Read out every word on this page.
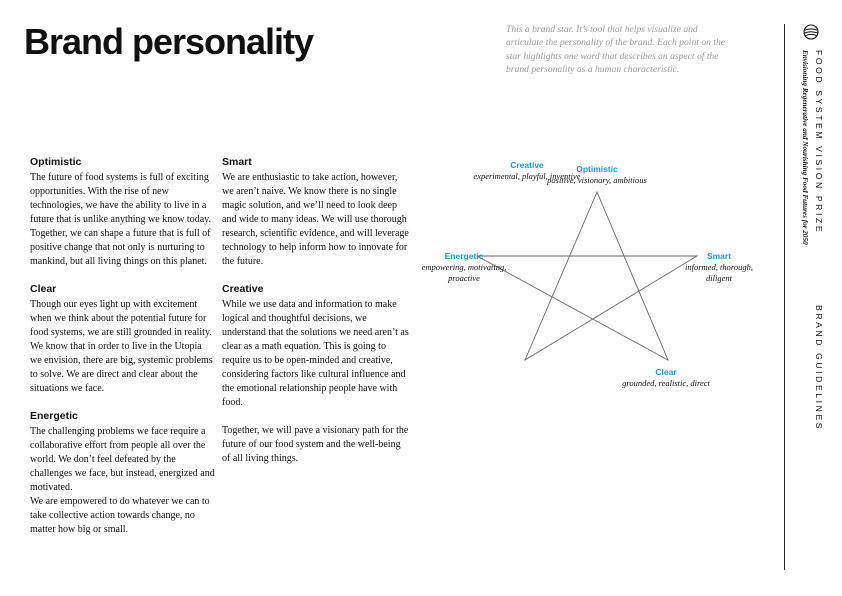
Brand personality	This a brand star. It’s tool that helps visualize and articulate the personality of the brand. Each point on the star highlights one word that describes an aspect of the brand personality as a human characteristic.

Optimistic

The future of food systems is full of exciting opportunities. With the rise of new technologies, we have the ability to live in a future that is unlike anything we know today. Together, we can shape a future that is full of positive change that not only is nurturing to mankind, but all living things on this planet.

Clear

Though our eyes light up with excitement when we think about the potential future for food systems, we are still grounded in reality. We know that in order to live in the Utopia
we envision, there are big, systemic problems to solve. We are direct and clear about the situations we face.

Energetic

The challenging problems we face require a collaborative effort from people all over the world. We don’t feel defeated by the challenges we face, but instead, energized and motivated.
We are empowered to do whatever we can to take collective action towards change, no matter how big or small.

Smart

We are enthusiastic to take action, however, we aren’t naive. We know there is no single magic solution, and we’ll need to look deep and wide to many ideas. We will use thorough research, scientific evidence, and will leverage technology to help inform how to innovate for the future.

Creative

While we use data and information to make logical and thoughtful decisions, we understand that the solutions we need aren’t as clear as a math equation. This is going to require us to be open-minded and creative, considering factors like cultural influence and the emotional relationship people have with food.

Together, we will pave a visionary path for the future of our food system and the well-being of all living things.

Optimistic
positive, visionary, ambitious
Smart
informed, thorough,
diligent
Clear
grounded, realistic, direct
Creative
experimental, playful, inventive
Energetic
empowering, motivating,
proactive

FOOD SYSTEM VISION PRIZE

Envisioning Regenerative and Nourishing Food Futures for 2050

BRAND GUIDELINES
